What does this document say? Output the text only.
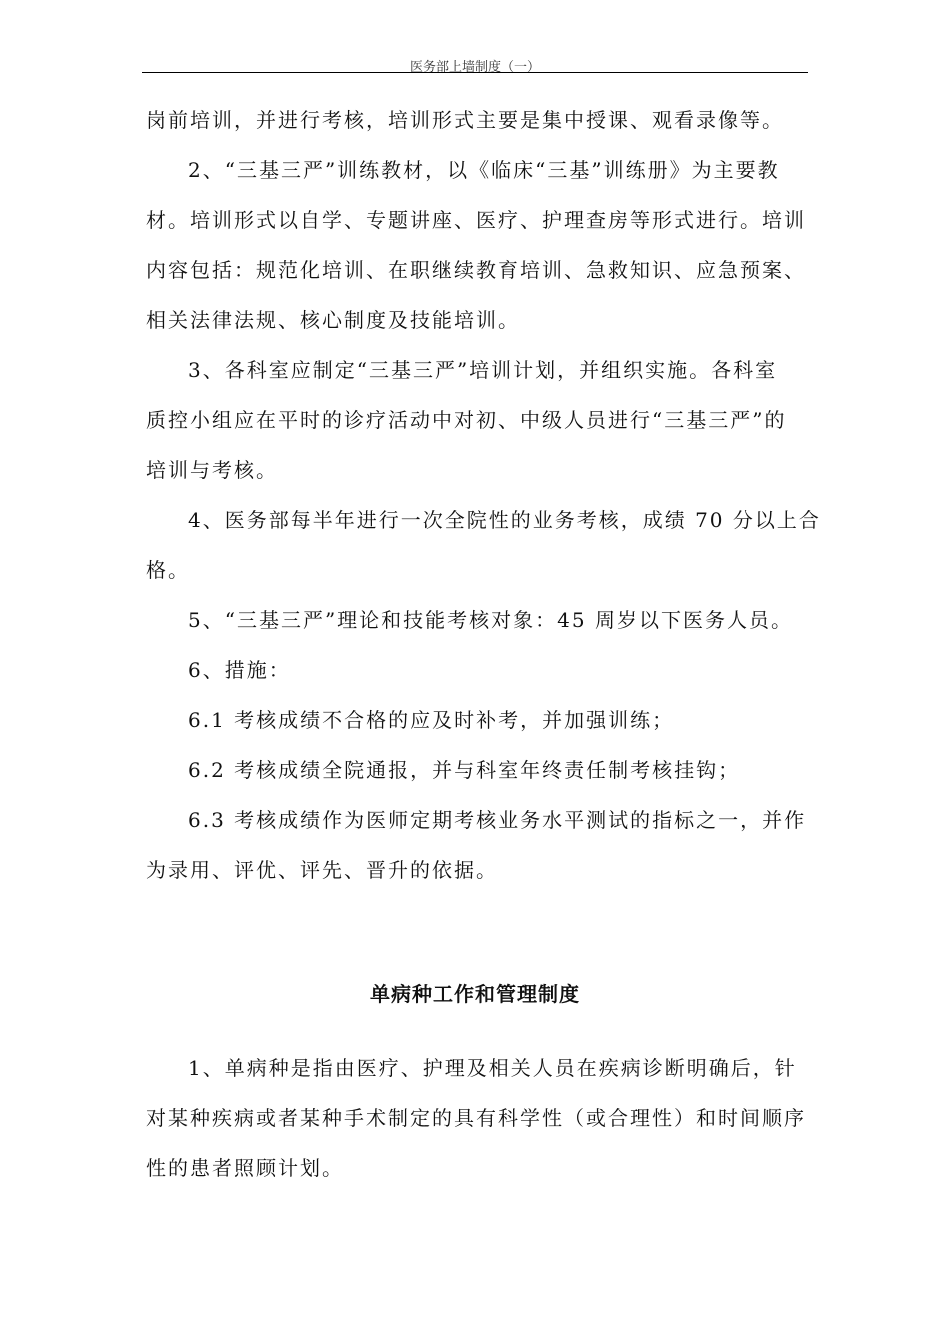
医务部上墙制度（一）
岗前培训，并进行考核，培训形式主要是集中授课、观看录像等。
2、“三基三严”训练教材，以《临床“三基”训练册》为主要教
材。培训形式以自学、专题讲座、医疗、护理查房等形式进行。培训
内容包括：规范化培训、在职继续教育培训、急救知识、应急预案、
相关法律法规、核心制度及技能培训。
3、各科室应制定“三基三严”培训计划，并组织实施。各科室
质控小组应在平时的诊疗活动中对初、中级人员进行“三基三严”的
培训与考核。
4、医务部每半年进行一次全院性的业务考核，成绩 70 分以上合
格。
5、“三基三严”理论和技能考核对象：45 周岁以下医务人员。
6、措施：
6.1 考核成绩不合格的应及时补考，并加强训练；
6.2 考核成绩全院通报，并与科室年终责任制考核挂钩；
6.3 考核成绩作为医师定期考核业务水平测试的指标之一，并作
为录用、评优、评先、晋升的依据。
单病种工作和管理制度
1、单病种是指由医疗、护理及相关人员在疾病诊断明确后，针
对某种疾病或者某种手术制定的具有科学性（或合理性）和时间顺序
性的患者照顾计划。
